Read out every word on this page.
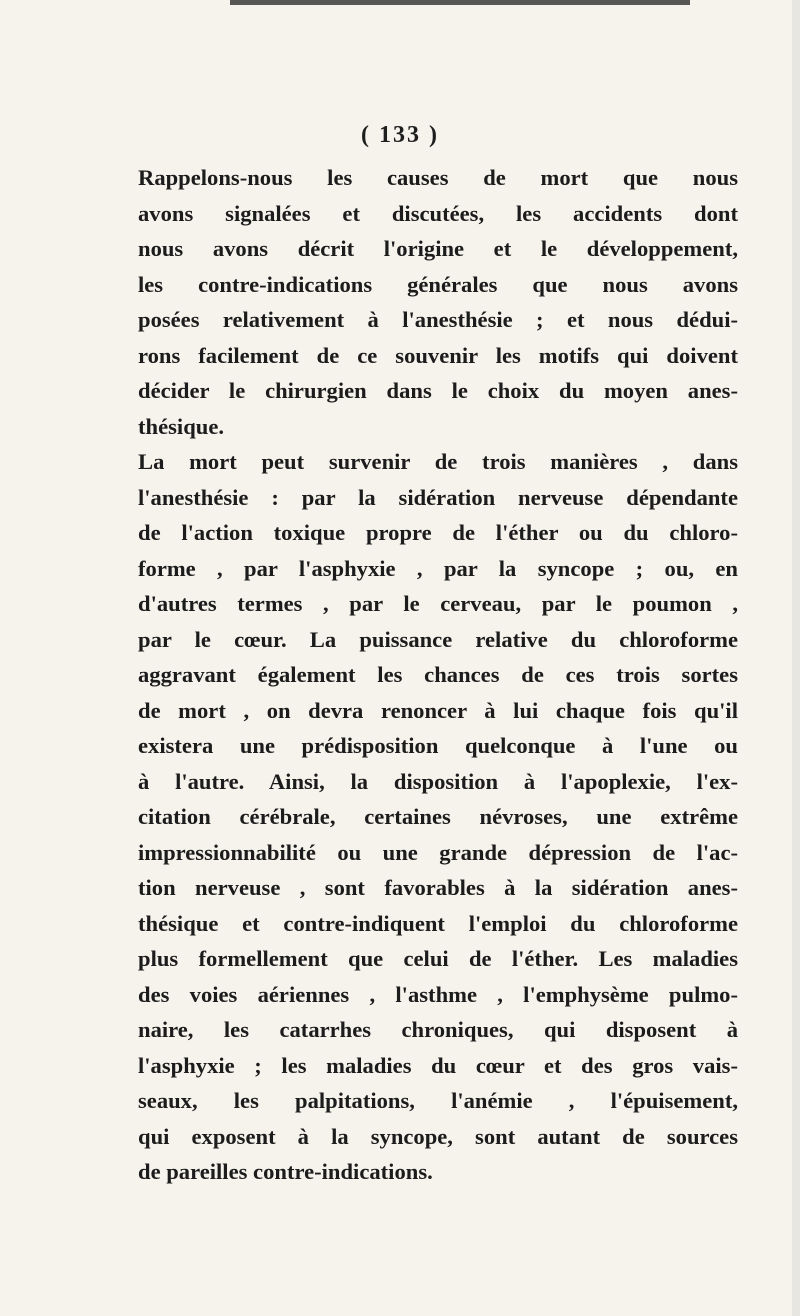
( 133 )

Rappelons-nous les causes de mort que nous
avons signalées et discutées, les accidents dont
nous avons décrit l'origine et le développement,
les contre-indications générales que nous avons
posées relativement à l'anesthésie ; et nous dédui-
rons facilement de ce souvenir les motifs qui doivent
décider le chirurgien dans le choix du moyen anes-
thésique.

La mort peut survenir de trois manières , dans
l'anesthésie : par la sidération nerveuse dépendante
de l'action toxique propre de l'éther ou du chloro-
forme , par l'asphyxie , par la syncope ; ou, en
d'autres termes , par le cerveau, par le poumon ,
par le cœur. La puissance relative du chloroforme
aggravant également les chances de ces trois sortes
de mort , on devra renoncer à lui chaque fois qu'il
existera une prédisposition quelconque à l'une ou
à l'autre. Ainsi, la disposition à l'apoplexie, l'ex-
citation cérébrale, certaines névroses, une extrême
impressionnabilité ou une grande dépression de l'ac-
tion nerveuse , sont favorables à la sidération anes-
thésique et contre-indiquent l'emploi du chloroforme
plus formellement que celui de l'éther. Les maladies
des voies aériennes , l'asthme , l'emphysème pulmo-
naire, les catarrhes chroniques, qui disposent à
l'asphyxie ; les maladies du cœur et des gros vais-
seaux, les palpitations, l'anémie , l'épuisement,
qui exposent à la syncope, sont autant de sources
de pareilles contre-indications.
